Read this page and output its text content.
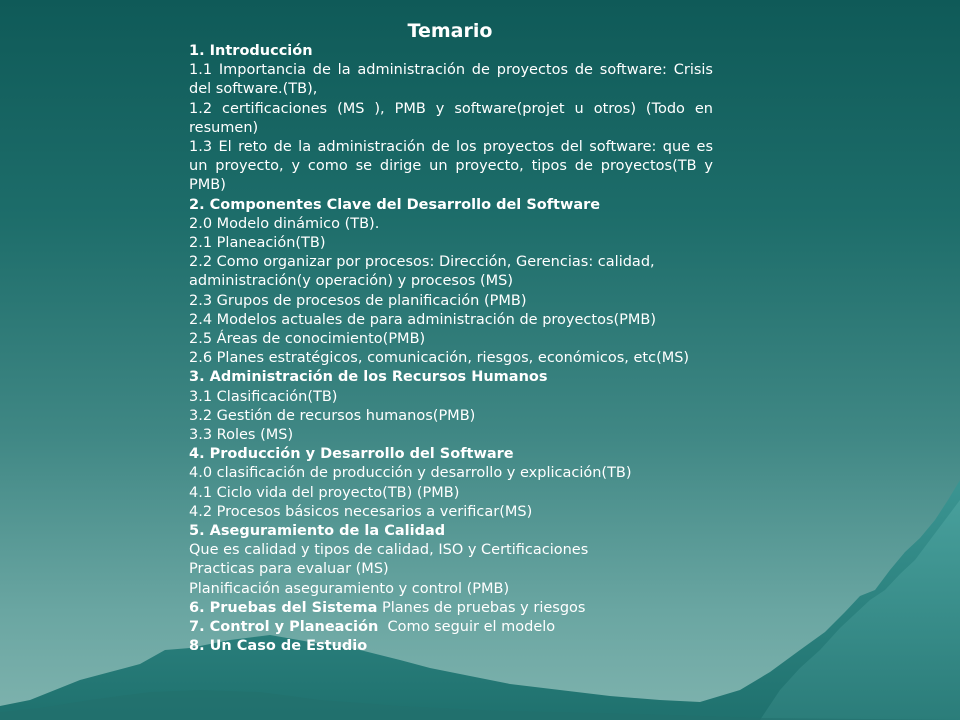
Temario
1. Introducción
1.1 Importancia de la administración de proyectos de software: Crisis del software.(TB),
1.2 certificaciones (MS ), PMB y software(projet u otros) (Todo en resumen)
1.3 El reto de la administración de los proyectos del software: que es un proyecto, y como se dirige un proyecto, tipos de proyectos(TB y PMB)
2. Componentes Clave del Desarrollo del Software
2.0 Modelo dinámico (TB).
2.1 Planeación(TB)
2.2 Como organizar por procesos: Dirección, Gerencias: calidad, administración(y operación) y procesos (MS)
2.3 Grupos de procesos de planificación (PMB)
2.4 Modelos actuales de para administración de proyectos(PMB)
2.5 Áreas de conocimiento(PMB)
2.6 Planes estratégicos, comunicación, riesgos, económicos, etc(MS)
3. Administración de los Recursos Humanos
3.1 Clasificación(TB)
3.2 Gestión de recursos humanos(PMB)
3.3 Roles (MS)
4. Producción y Desarrollo del Software
4.0 clasificación de producción y desarrollo y explicación(TB)
4.1 Ciclo vida del proyecto(TB) (PMB)
4.2 Procesos básicos necesarios a verificar(MS)
5. Aseguramiento de la Calidad
Que es calidad y tipos de calidad, ISO y Certificaciones
Practicas para evaluar (MS)
Planificación aseguramiento y control (PMB)
6. Pruebas del Sistema Planes de pruebas y riesgos
7. Control y Planeación  Como seguir el modelo
8. Un Caso de Estudio
